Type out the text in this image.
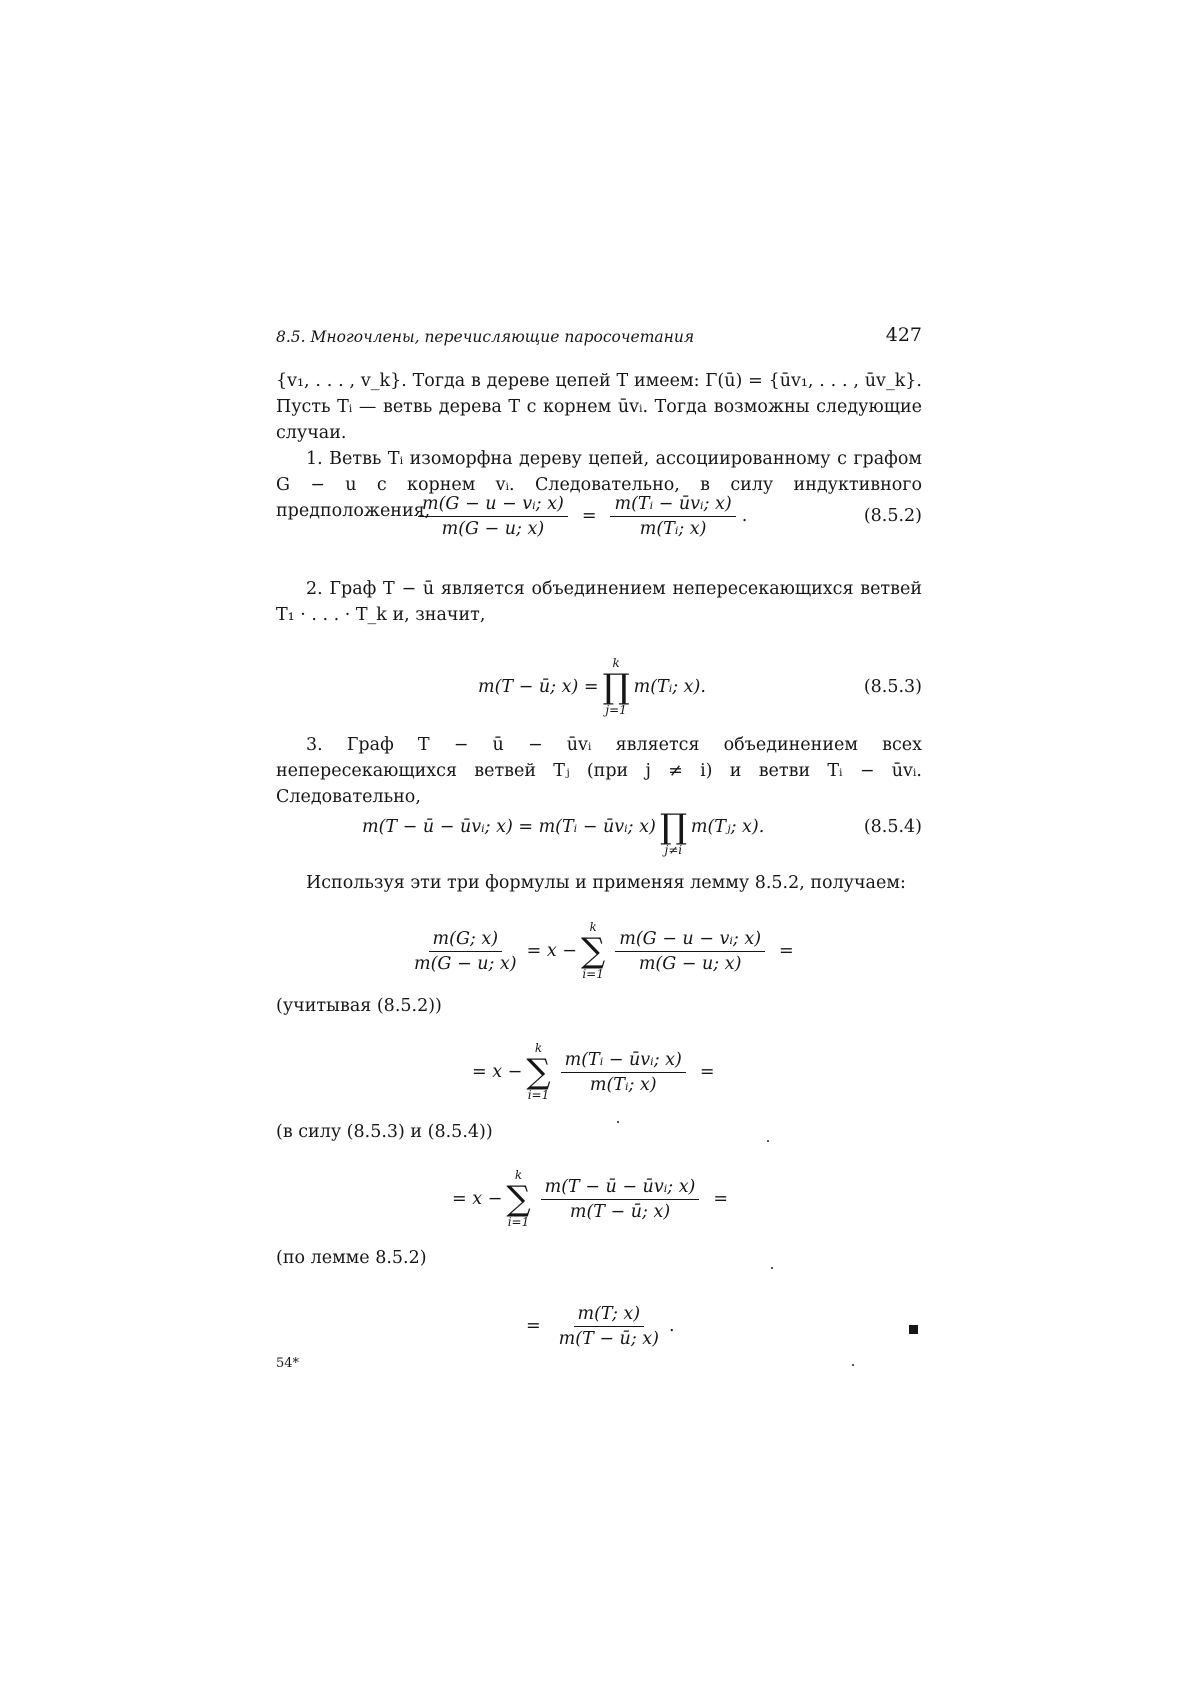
8.5. Многочлены, перечисляющие паросочетания	427

{v₁, . . . , v_k}. Тогда в дереве цепей T имеем: Γ(ū) = {ūv₁, . . . , ūv_k}. Пусть Tᵢ — ветвь дерева T с корнем ūvᵢ. Тогда возможны следующие случаи.

1. Ветвь Tᵢ изоморфна дереву цепей, ассоциированному с графом G − u с корнем vᵢ. Следовательно, в силу индуктивного предположения,

$\frac{\text{m(G − u − vᵢ; x)}}{m(G - u; x)} = \frac{\text{m(Tᵢ − ūvᵢ; x)}}{\text{m(Tᵢ; x)}}$ .	(8.5.2)

2. Граф T − ū является объединением непересекающихся ветвей T₁ · . . . · T_k и, значит,

m(T − ū; x) =
k
∏
j=1
m(Tᵢ; x).	(8.5.3)

3. Граф T − ū − ūvᵢ является объединением всех непересекающихся ветвей Tⱼ (при j ≠ i) и ветви Tᵢ − ūvᵢ. Следовательно,

m(T − ū − ūvᵢ; x) = m(Tᵢ − ūvᵢ; x)
∏
j≠i
m(Tⱼ; x).	(8.5.4)

Используя эти три формулы и применяя лемму 8.5.2, получаем:

$\frac{m(G; x)}{m(G - u; x)} = x$ −
k
∑
i=1
$\frac{\text{m(G − u − vᵢ; x)}}{m(G - u; x)}$ =
(учитывая (8.5.2))
= x −
k
∑
i=1
$\frac{\text{m(Tᵢ − ūvᵢ; x)}}{\text{m(Tᵢ; x)}}$ =
(в силу (8.5.3) и (8.5.4))
= x −
k
∑
i=1
$\frac{\text{m(T − ū − ūvᵢ; x)}}{m(T - ū; x)}$ =
(по лемме 8.5.2)
= $\frac{m(T; x)}{m(T - ū; x)}$ .
54*
